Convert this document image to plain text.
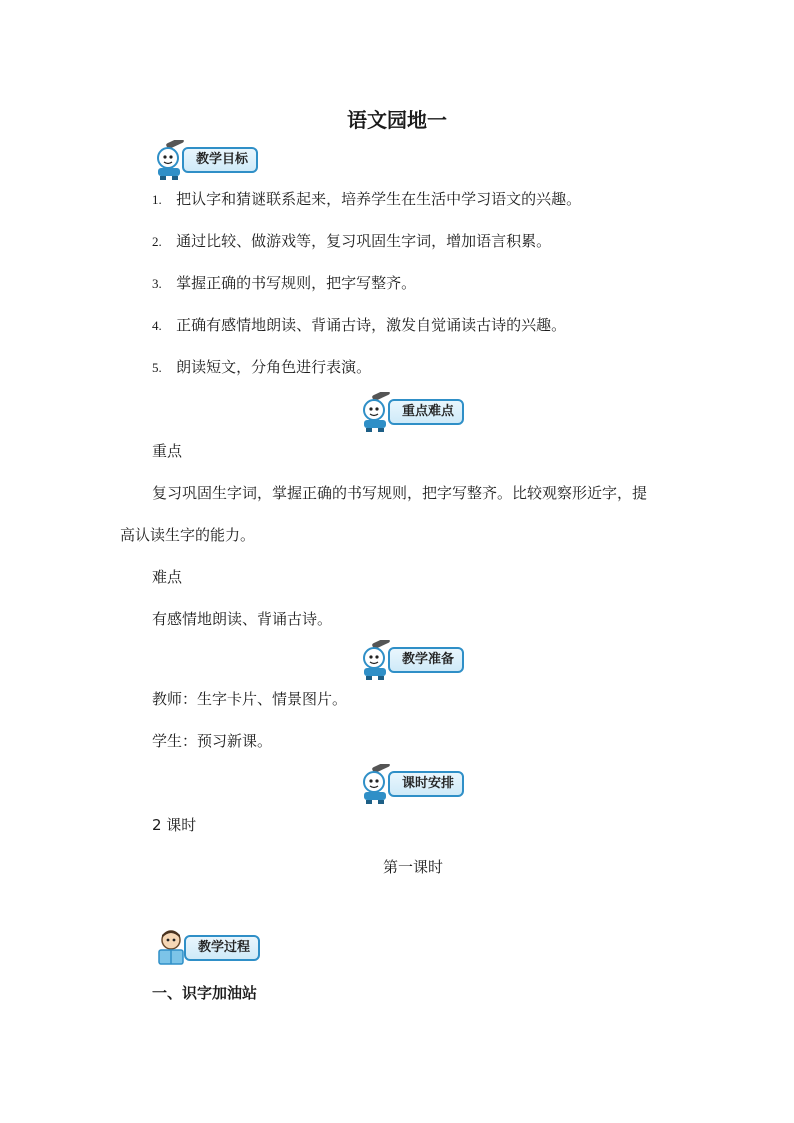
语文园地一
教学目标
1. 把认字和猜谜联系起来，培养学生在生活中学习语文的兴趣。
2. 通过比较、做游戏等，复习巩固生字词，增加语言积累。
3. 掌握正确的书写规则，把字写整齐。
4. 正确有感情地朗读、背诵古诗，激发自觉诵读古诗的兴趣。
5. 朗读短文，分角色进行表演。
重点难点
重点
复习巩固生字词，掌握正确的书写规则，把字写整齐。比较观察形近字，提
高认读生字的能力。
难点
有感情地朗读、背诵古诗。
教学准备
教师：生字卡片、情景图片。
学生：预习新课。
课时安排
2 课时
第一课时
教学过程
一、识字加油站
